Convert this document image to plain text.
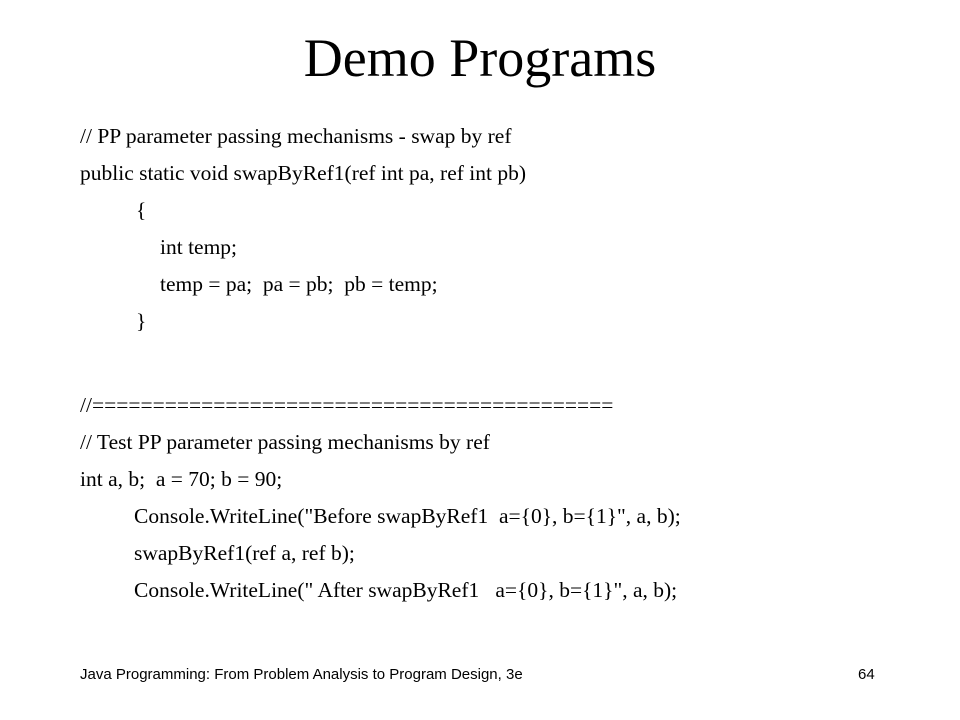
Demo Programs
// PP parameter passing mechanisms - swap by ref
public static void swapByRef1(ref int pa, ref int pb)
{
int temp;
temp = pa;  pa = pb;  pb = temp;
}
//===========================================
// Test PP parameter passing mechanisms by ref
int a, b;  a = 70; b = 90;
Console.WriteLine("Before swapByRef1  a={0}, b={1}", a, b);
swapByRef1(ref a, ref b);
Console.WriteLine(" After swapByRef1   a={0}, b={1}", a, b);
Java Programming: From Problem Analysis to Program Design, 3e	64
